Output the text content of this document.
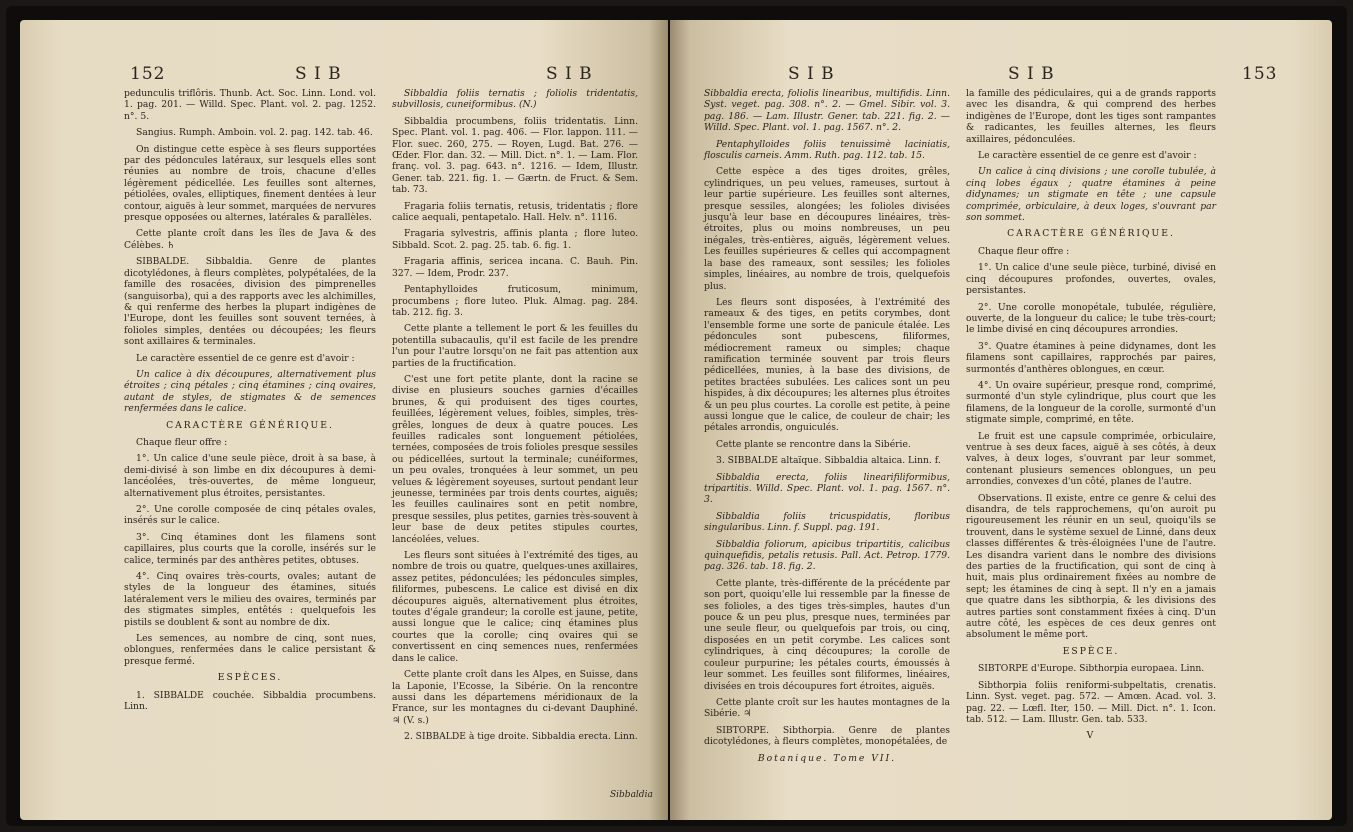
152	S I B	S I B

pedunculis triflôris. Thunb. Act. Soc. Linn. Lond. vol. 1. pag. 201. — Willd. Spec. Plant. vol. 2. pag. 1252. n°. 5.

Sangius. Rumph. Amboin. vol. 2. pag. 142. tab. 46.

On distingue cette espèce à ses fleurs supportées par des pédoncules latéraux, sur lesquels elles sont réunies au nombre de trois, chacune d'elles légèrement pédicellée. Les feuilles sont alternes, pétiolées, ovales, elliptiques, finement dentées à leur contour, aiguës à leur sommet, marquées de nervures presque opposées ou alternes, latérales & parallèles.

Cette plante croît dans les îles de Java & des Célèbes. ♄

SIBBALDE. Sibbaldia. Genre de plantes dicotylédones, à fleurs complètes, polypétalées, de la famille des rosacées, division des pimprenelles (sanguisorba), qui a des rapports avec les alchimilles, & qui renferme des herbes la plupart indigènes de l'Europe, dont les feuilles sont souvent ternées, à folioles simples, dentées ou découpées; les fleurs sont axillaires & terminales.

Le caractère essentiel de ce genre est d'avoir :

Un calice à dix découpures, alternativement plus étroites ; cinq pétales ; cinq étamines ; cinq ovaires, autant de styles, de stigmates & de semences renfermées dans le calice.

CARACTÈRE GÉNÉRIQUE.

Chaque fleur offre :

1°. Un calice d'une seule pièce, droit à sa base, à demi-divisé à son limbe en dix découpures à demi-lancéolées, très-ouvertes, de même longueur, alternativement plus étroites, persistantes.

2°. Une corolle composée de cinq pétales ovales, insérés sur le calice.

3°. Cinq étamines dont les filamens sont capillaires, plus courts que la corolle, insérés sur le calice, terminés par des anthères petites, obtuses.

4°. Cinq ovaires très-courts, ovales; autant de styles de la longueur des étamines, situés latéralement vers le milieu des ovaires, terminés par des stigmates simples, entêtés : quelquefois les pistils se doublent & sont au nombre de dix.

Les semences, au nombre de cinq, sont nues, oblongues, renfermées dans le calice persistant & presque fermé.

ESPÈCES.

1. SIBBALDE couchée. Sibbaldia procumbens. Linn.

Sibbaldia foliis ternatis ; foliolis tridentatis, subvillosis, cuneiformibus. (N.)

Sibbaldia procumbens, foliis tridentatis. Linn. Spec. Plant. vol. 1. pag. 406. — Flor. lappon. 111. — Flor. suec. 260, 275. — Royen, Lugd. Bat. 276. — Œder. Flor. dan. 32. — Mill. Dict. n°. 1. — Lam. Flor. franç. vol. 3. pag. 643. n°. 1216. — Idem, Illustr. Gener. tab. 221. fig. 1. — Gærtn. de Fruct. & Sem. tab. 73.

Fragaria foliis ternatis, retusis, tridentatis ; flore calice aequali, pentapetalo. Hall. Helv. n°. 1116.

Fragaria sylvestris, affinis planta ; flore luteo. Sibbald. Scot. 2. pag. 25. tab. 6. fig. 1.

Fragaria affinis, sericea incana. C. Bauh. Pin. 327. — Idem, Prodr. 237.

Pentaphylloides fruticosum, minimum, procumbens ; flore luteo. Pluk. Almag. pag. 284. tab. 212. fig. 3.

Cette plante a tellement le port & les feuilles du potentilla subacaulis, qu'il est facile de les prendre l'un pour l'autre lorsqu'on ne fait pas attention aux parties de la fructification.

C'est une fort petite plante, dont la racine se divise en plusieurs souches garnies d'écailles brunes, & qui produisent des tiges courtes, feuillées, légèrement velues, foibles, simples, très-grêles, longues de deux à quatre pouces. Les feuilles radicales sont longuement pétiolées, ternées, composées de trois folioles presque sessiles ou pédicellées, surtout la terminale; cunéiformes, un peu ovales, tronquées à leur sommet, un peu velues & légèrement soyeuses, surtout pendant leur jeunesse, terminées par trois dents courtes, aiguës; les feuilles caulinaires sont en petit nombre, presque sessiles, plus petites, garnies très-souvent à leur base de deux petites stipules courtes, lancéolées, velues.

Les fleurs sont situées à l'extrémité des tiges, au nombre de trois ou quatre, quelques-unes axillaires, assez petites, pédonculées; les pédoncules simples, filiformes, pubescens. Le calice est divisé en dix découpures aiguës, alternativement plus étroites, toutes d'égale grandeur; la corolle est jaune, petite, aussi longue que le calice; cinq étamines plus courtes que la corolle; cinq ovaires qui se convertissent en cinq semences nues, renfermées dans le calice.

Cette plante croît dans les Alpes, en Suisse, dans la Laponie, l'Ecosse, la Sibérie. On la rencontre aussi dans les départemens méridionaux de la France, sur les montagnes du ci-devant Dauphiné. ♃ (V. s.)

2. SIBBALDE à tige droite. Sibbaldia erecta. Linn.

Sibbaldia
S I B	S I B	153

Sibbaldia erecta, foliolis linearibus, multifidis. Linn. Syst. veget. pag. 308. n°. 2. — Gmel. Sibir. vol. 3. pag. 186. — Lam. Illustr. Gener. tab. 221. fig. 2. — Willd. Spec. Plant. vol. 1. pag. 1567. n°. 2.

Pentaphylloides foliis tenuissimè laciniatis, flosculis carneis. Amm. Ruth. pag. 112. tab. 15.

Cette espèce a des tiges droites, grêles, cylindriques, un peu velues, rameuses, surtout à leur partie supérieure. Les feuilles sont alternes, presque sessiles, alongées; les folioles divisées jusqu'à leur base en découpures linéaires, très-étroites, plus ou moins nombreuses, un peu inégales, très-entières, aiguës, légèrement velues. Les feuilles supérieures & celles qui accompagnent la base des rameaux, sont sessiles; les folioles simples, linéaires, au nombre de trois, quelquefois plus.

Les fleurs sont disposées, à l'extrémité des rameaux & des tiges, en petits corymbes, dont l'ensemble forme une sorte de panicule étalée. Les pédoncules sont pubescens, filiformes, médiocrement rameux ou simples; chaque ramification terminée souvent par trois fleurs pédicellées, munies, à la base des divisions, de petites bractées subulées. Les calices sont un peu hispides, à dix découpures; les alternes plus étroites & un peu plus courtes. La corolle est petite, à peine aussi longue que le calice, de couleur de chair; les pétales arrondis, onguiculés.

Cette plante se rencontre dans la Sibérie.

3. SIBBALDE altaïque. Sibbaldia altaica. Linn. f.

Sibbaldia erecta, foliis linearifiliformibus, tripartitis. Willd. Spec. Plant. vol. 1. pag. 1567. n°. 3.

Sibbaldia foliis tricuspidatis, floribus singularibus. Linn. f. Suppl. pag. 191.

Sibbaldia foliorum, apicibus tripartitis, calicibus quinquefidis, petalis retusis. Pall. Act. Petrop. 1779. pag. 326. tab. 18. fig. 2.

Cette plante, très-différente de la précédente par son port, quoiqu'elle lui ressemble par la finesse de ses folioles, a des tiges très-simples, hautes d'un pouce & un peu plus, presque nues, terminées par une seule fleur, ou quelquefois par trois, ou cinq, disposées en un petit corymbe. Les calices sont cylindriques, à cinq découpures; la corolle de couleur purpurine; les pétales courts, émoussés à leur sommet. Les feuilles sont filiformes, linéaires, divisées en trois découpures fort étroites, aiguës.

Cette plante croît sur les hautes montagnes de la Sibérie. ♃

SIBTORPE. Sibthorpia. Genre de plantes dicotylédones, à fleurs complètes, monopétalées, de

Botanique. Tome VII.

la famille des pédiculaires, qui a de grands rapports avec les disandra, & qui comprend des herbes indigènes de l'Europe, dont les tiges sont rampantes & radicantes, les feuilles alternes, les fleurs axillaires, pédonculées.

Le caractère essentiel de ce genre est d'avoir :

Un calice à cinq divisions ; une corolle tubulée, à cinq lobes égaux ; quatre étamines à peine didynames; un stigmate en tête ; une capsule comprimée, orbiculaire, à deux loges, s'ouvrant par son sommet.

CARACTÈRE GÉNÉRIQUE.

Chaque fleur offre :

1°. Un calice d'une seule pièce, turbiné, divisé en cinq découpures profondes, ouvertes, ovales, persistantes.

2°. Une corolle monopétale, tubulée, régulière, ouverte, de la longueur du calice; le tube très-court; le limbe divisé en cinq découpures arrondies.

3°. Quatre étamines à peine didynames, dont les filamens sont capillaires, rapprochés par paires, surmontés d'anthères oblongues, en cœur.

4°. Un ovaire supérieur, presque rond, comprimé, surmonté d'un style cylindrique, plus court que les filamens, de la longueur de la corolle, surmonté d'un stigmate simple, comprimé, en tête.

Le fruit est une capsule comprimée, orbiculaire, ventrue à ses deux faces, aiguë à ses côtés, à deux valves, à deux loges, s'ouvrant par leur sommet, contenant plusieurs semences oblongues, un peu arrondies, convexes d'un côté, planes de l'autre.

Observations. Il existe, entre ce genre & celui des disandra, de tels rapprochemens, qu'on auroit pu rigoureusement les réunir en un seul, quoiqu'ils se trouvent, dans le système sexuel de Linné, dans deux classes différentes & très-éloignées l'une de l'autre. Les disandra varient dans le nombre des divisions des parties de la fructification, qui sont de cinq à huit, mais plus ordinairement fixées au nombre de sept; les étamines de cinq à sept. Il n'y en a jamais que quatre dans les sibthorpia, & les divisions des autres parties sont constamment fixées à cinq. D'un autre côté, les espèces de ces deux genres ont absolument le même port.

ESPÈCE.

SIBTORPE d'Europe. Sibthorpia europaea. Linn.

Sibthorpia foliis reniformi-subpeltatis, crenatis. Linn. Syst. veget. pag. 572. — Amœn. Acad. vol. 3. pag. 22. — Lœfl. Iter, 150. — Mill. Dict. n°. 1. Icon. tab. 512. — Lam. Illustr. Gen. tab. 533.

V
